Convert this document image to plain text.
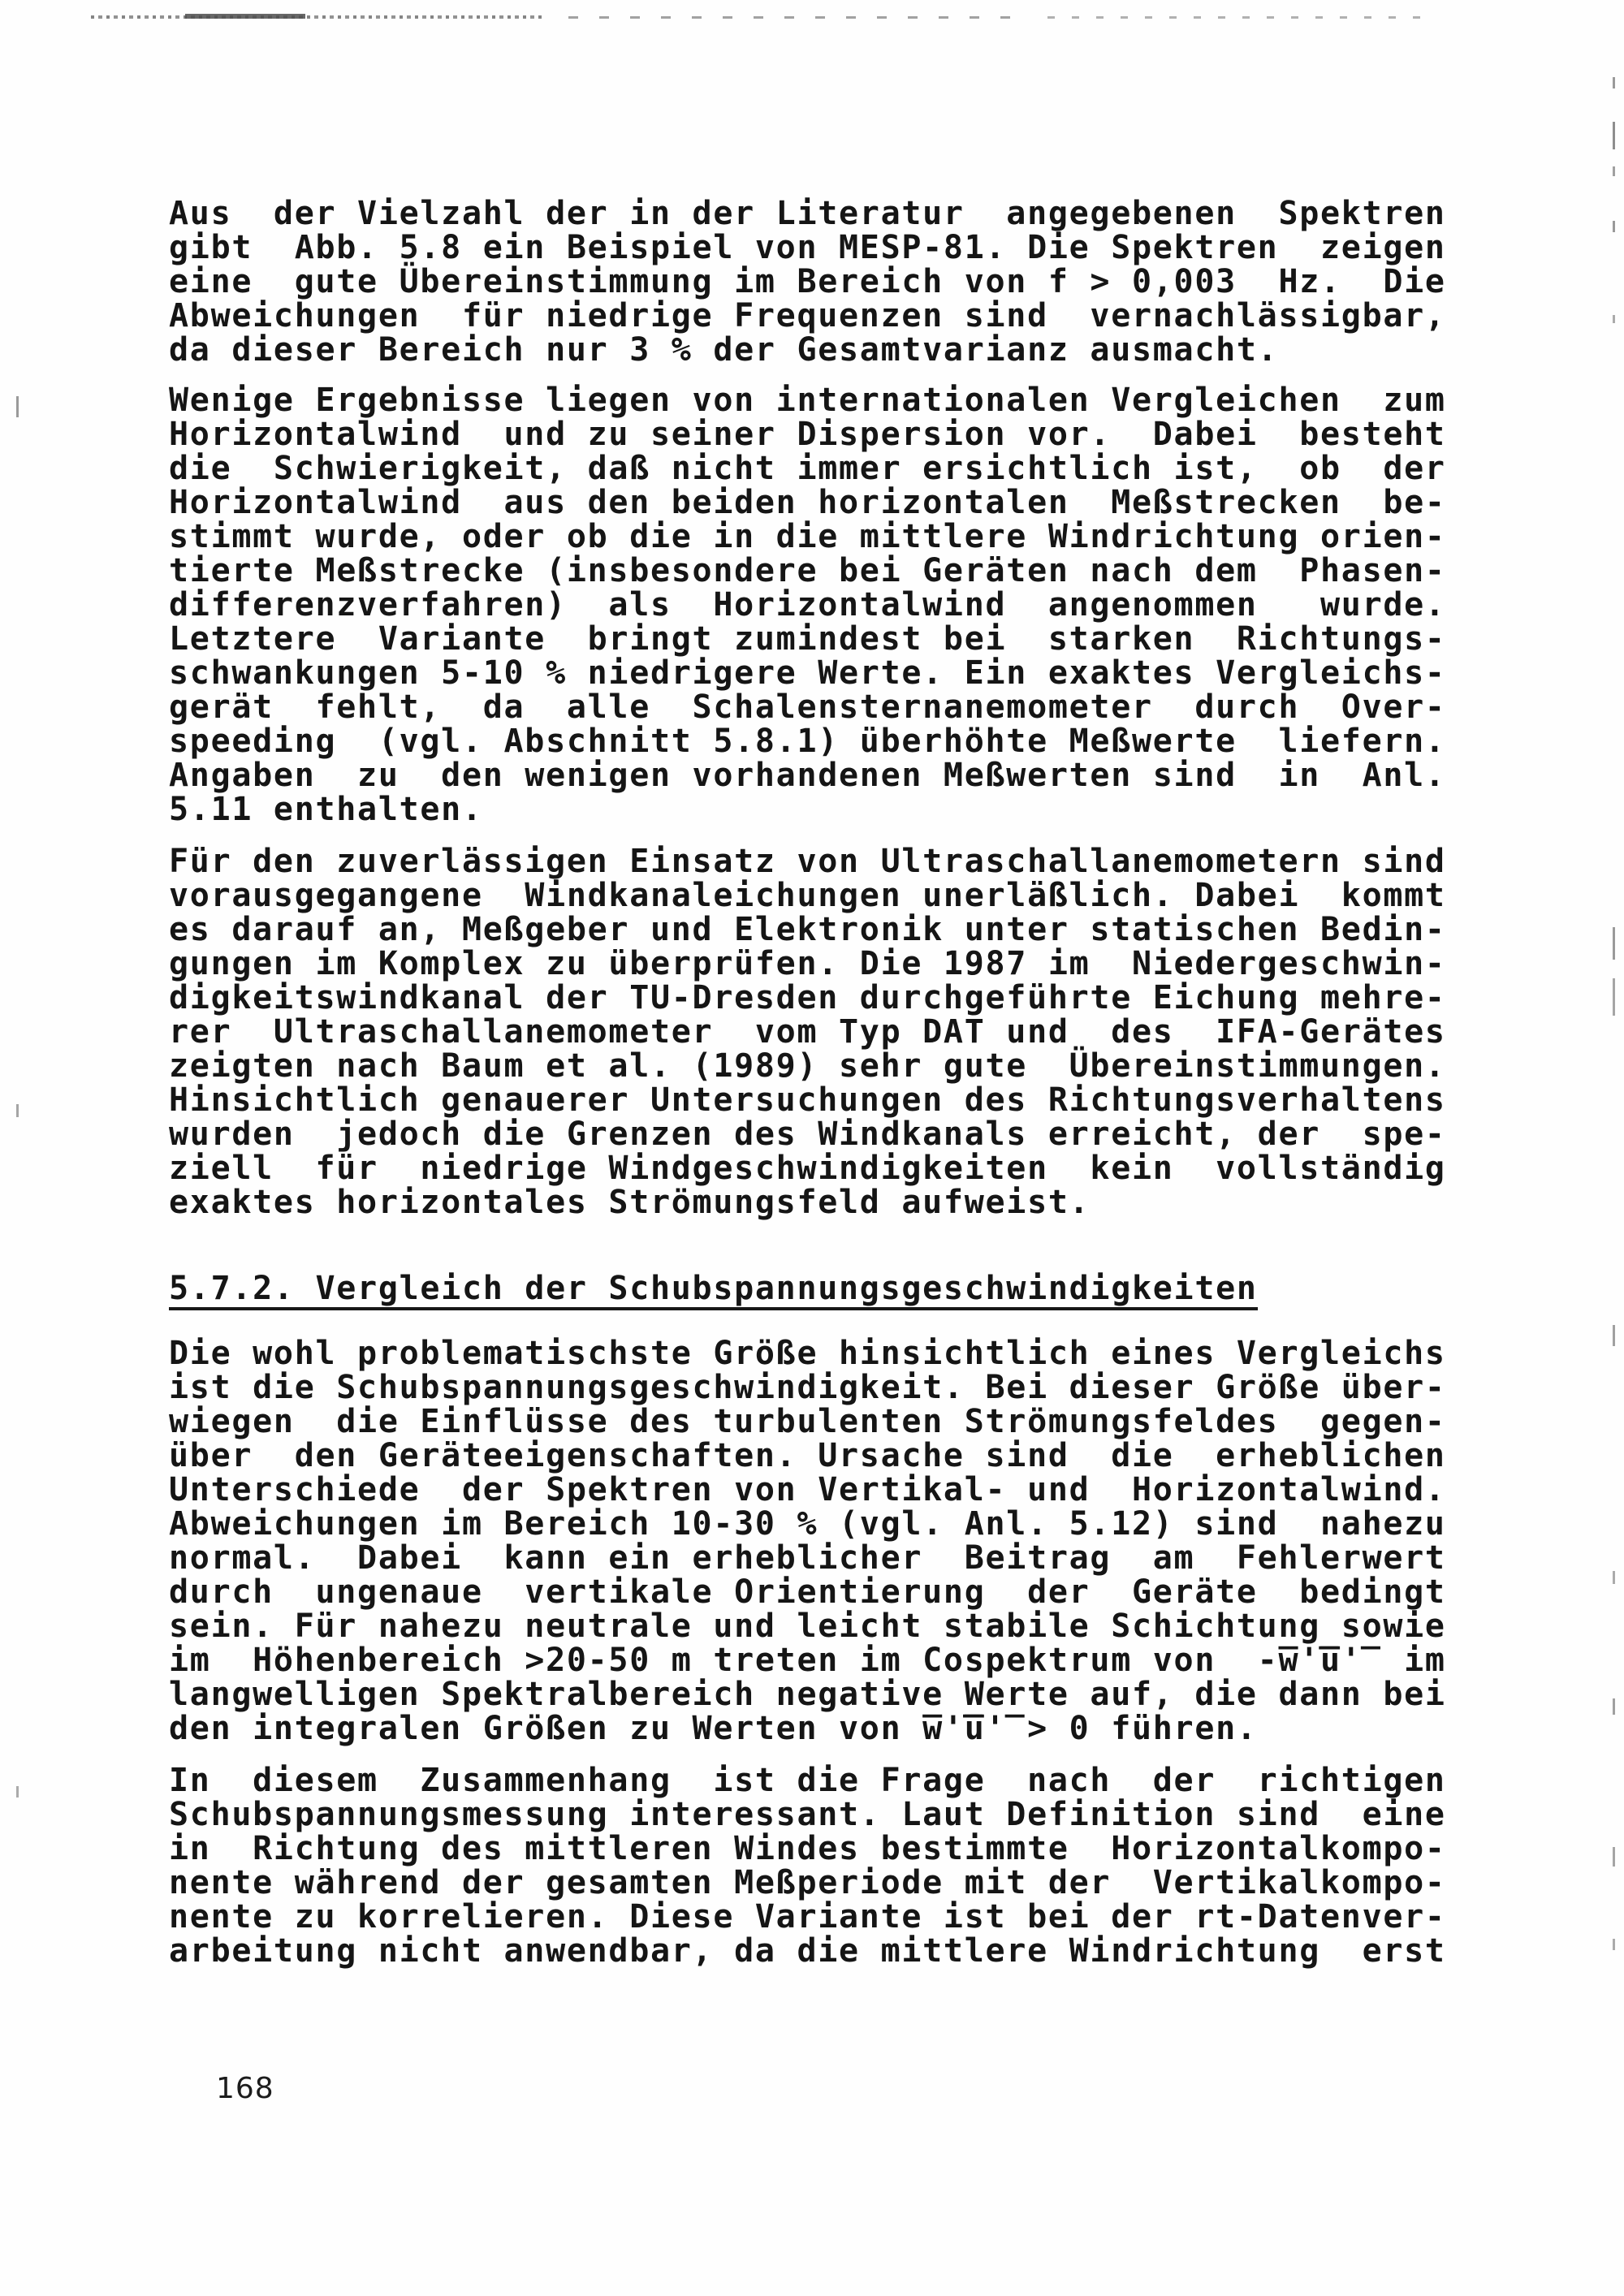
Aus  der Vielzahl der in der Literatur  angegebenen  Spektren
gibt  Abb. 5.8 ein Beispiel von MESP-81. Die Spektren  zeigen
eine  gute Übereinstimmung im Bereich von f > 0,003  Hz.  Die
Abweichungen  für niedrige Frequenzen sind  vernachlässigbar,
da dieser Bereich nur 3 % der Gesamtvarianz ausmacht.
Wenige Ergebnisse liegen von internationalen Vergleichen  zum
Horizontalwind  und zu seiner Dispersion vor.  Dabei  besteht
die  Schwierigkeit, daß nicht immer ersichtlich ist,  ob  der
Horizontalwind  aus den beiden horizontalen  Meßstrecken  be-
stimmt wurde, oder ob die in die mittlere Windrichtung orien-
tierte Meßstrecke (insbesondere bei Geräten nach dem  Phasen-
differenzverfahren)  als  Horizontalwind  angenommen   wurde.
Letztere  Variante  bringt zumindest bei  starken  Richtungs-
schwankungen 5-10 % niedrigere Werte. Ein exaktes Vergleichs-
gerät  fehlt,  da  alle  Schalensternanemometer  durch  Over-
speeding  (vgl. Abschnitt 5.8.1) überhöhte Meßwerte  liefern.
Angaben  zu  den wenigen vorhandenen Meßwerten sind  in  Anl.
5.11 enthalten.
Für den zuverlässigen Einsatz von Ultraschallanemometern sind
vorausgegangene  Windkanaleichungen unerläßlich. Dabei  kommt
es darauf an, Meßgeber und Elektronik unter statischen Bedin-
gungen im Komplex zu überprüfen. Die 1987 im  Niedergeschwin-
digkeitswindkanal der TU-Dresden durchgeführte Eichung mehre-
rer  Ultraschallanemometer  vom Typ DAT und  des  IFA-Gerätes
zeigten nach Baum et al. (1989) sehr gute  Übereinstimmungen.
Hinsichtlich genauerer Untersuchungen des Richtungsverhaltens
wurden  jedoch die Grenzen des Windkanals erreicht, der  spe-
ziell  für  niedrige Windgeschwindigkeiten  kein  vollständig
exaktes horizontales Strömungsfeld aufweist.
5.7.2. Vergleich der Schubspannungsgeschwindigkeiten
Die wohl problematischste Größe hinsichtlich eines Vergleichs
ist die Schubspannungsgeschwindigkeit. Bei dieser Größe über-
wiegen  die Einflüsse des turbulenten Strömungsfeldes  gegen-
über  den Geräteeigenschaften. Ursache sind  die  erheblichen
Unterschiede  der Spektren von Vertikal- und  Horizontalwind.
Abweichungen im Bereich 10-30 % (vgl. Anl. 5.12) sind  nahezu
normal.  Dabei  kann ein erheblicher  Beitrag  am  Fehlerwert
durch  ungenaue  vertikale Orientierung  der  Geräte  bedingt
sein. Für nahezu neutrale und leicht stabile Schichtung sowie
im  Höhenbereich >20-50 m treten im Cospektrum von  -w̅'̅u̅'̅  im
langwelligen Spektralbereich negative Werte auf, die dann bei
den integralen Größen zu Werten von w̅'̅u̅'̅ > 0 führen.
In  diesem  Zusammenhang  ist die Frage  nach  der  richtigen
Schubspannungsmessung interessant. Laut Definition sind  eine
in  Richtung des mittleren Windes bestimmte  Horizontalkompo-
nente während der gesamten Meßperiode mit der  Vertikalkompo-
nente zu korrelieren. Diese Variante ist bei der rt-Datenver-
arbeitung nicht anwendbar, da die mittlere Windrichtung  erst
168
